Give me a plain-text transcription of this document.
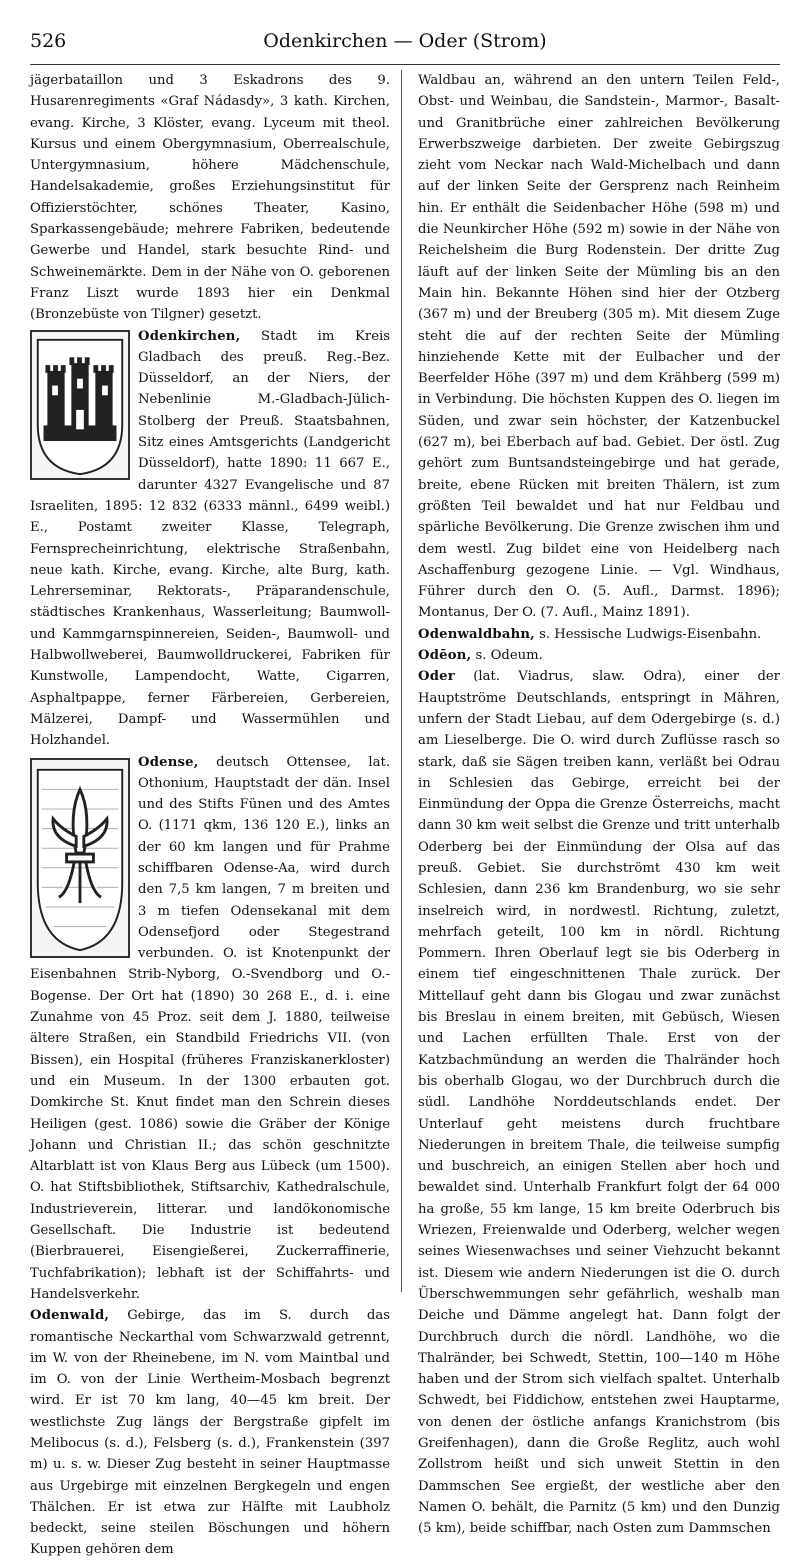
526	Odenkirchen — Oder (Strom)

jägerbataillon und 3 Eskadrons des 9. Husarenregiments «Graf Nádasdy», 3 kath. Kirchen, evang. Kirche, 3 Klöster, evang. Lyceum mit theol. Kursus und einem Obergymnasium, Oberrealschule, Untergymnasium, höhere Mädchenschule, Handelsakademie, großes Erziehungsinstitut für Offizierstöchter, schönes Theater, Kasino, Sparkassengebäude; mehrere Fabriken, bedeutende Gewerbe und Handel, stark besuchte Rind- und Schweinemärkte. Dem in der Nähe von O. geborenen Franz Liszt wurde 1893 hier ein Denkmal (Bronzebüste von Tilgner) gesetzt.

Odenkirchen,
Stadt im Kreis Gladbach des preuß. Reg.-Bez. Düsseldorf, an der Niers, der Nebenlinie M.-Gladbach-Jülich-Stolberg der Preuß. Staatsbahnen, Sitz eines Amtsgerichts (Landgericht Düsseldorf), hatte 1890: 11 667 E., darunter 4327 Evangelische und 87 Israeliten, 1895: 12 832 (6333 männl., 6499 weibl.) E., Postamt zweiter Klasse, Telegraph, Fernsprecheinrichtung, elektrische Straßenbahn, neue kath. Kirche, evang. Kirche, alte Burg, kath. Lehrerseminar, Rektorats-, Präparandenschule, städtisches Krankenhaus, Wasserleitung; Baumwoll- und Kammgarnspinnereien, Seiden-, Baumwoll- und Halbwollweberei, Baumwolldruckerei, Fabriken für Kunstwolle, Lampendocht, Watte, Cigarren, Asphaltpappe, ferner Färbereien, Gerbereien, Mälzerei, Dampf- und Wassermühlen und Holzhandel.

Odense,
deutsch Ottensee, lat. Othonium, Hauptstadt der dän. Insel und des Stifts Fünen und des Amtes O. (1171 qkm, 136 120 E.), links an der 60 km langen und für Prahme schiffbaren Odense-Aa, wird durch den 7,5 km langen, 7 m breiten und 3 m tiefen Odensekanal mit dem Odensefjord oder Stegestrand verbunden. O. ist Knotenpunkt der Eisenbahnen Strib-Nyborg, O.-Svendborg und O.-Bogense. Der Ort hat (1890) 30 268 E., d. i. eine Zunahme von 45 Proz. seit dem J. 1880, teilweise ältere Straßen, ein Standbild Friedrichs VII. (von Bissen), ein Hospital (früheres Franziskanerkloster) und ein Museum. In der 1300 erbauten got. Domkirche St. Knut findet man den Schrein dieses Heiligen (gest. 1086) sowie die Gräber der Könige Johann und Christian II.; das schön geschnitzte Altarblatt ist von Klaus Berg aus Lübeck (um 1500). O. hat Stiftsbibliothek, Stiftsarchiv, Kathedralschule, Industrieverein, litterar. und landökonomische Gesellschaft. Die Industrie ist bedeutend (Bierbrauerei, Eisengießerei, Zuckerraffinerie, Tuchfabrikation); lebhaft ist der Schiffahrts- und Handelsverkehr.

Odenwald, Gebirge, das im S. durch das romantische Neckarthal vom Schwarzwald getrennt, im W. von der Rheinebene, im N. vom Maintbal und im O. von der Linie Wertheim-Mosbach begrenzt wird. Er ist 70 km lang, 40—45 km breit. Der westlichste Zug längs der Bergstraße gipfelt im Melibocus (s. d.), Felsberg (s. d.), Frankenstein (397 m) u. s. w. Dieser Zug besteht in seiner Hauptmasse aus Urgebirge mit einzelnen Bergkegeln und engen Thälchen. Er ist etwa zur Hälfte mit Laubholz bedeckt, seine steilen Böschungen und höhern Kuppen gehören dem

Waldbau an, während an den untern Teilen Feld-, Obst- und Weinbau, die Sandstein-, Marmor-, Basalt- und Granitbrüche einer zahlreichen Bevölkerung Erwerbszweige darbieten. Der zweite Gebirgszug zieht vom Neckar nach Wald-Michelbach und dann auf der linken Seite der Gersprenz nach Reinheim hin. Er enthält die Seidenbacher Höhe (598 m) und die Neunkircher Höhe (592 m) sowie in der Nähe von Reichelsheim die Burg Rodenstein. Der dritte Zug läuft auf der linken Seite der Mümling bis an den Main hin. Bekannte Höhen sind hier der Otzberg (367 m) und der Breuberg (305 m). Mit diesem Zuge steht die auf der rechten Seite der Mümling hinziehende Kette mit der Eulbacher und der Beerfelder Höhe (397 m) und dem Krähberg (599 m) in Verbindung. Die höchsten Kuppen des O. liegen im Süden, und zwar sein höchster, der Katzenbuckel (627 m), bei Eberbach auf bad. Gebiet. Der östl. Zug gehört zum Buntsandsteingebirge und hat gerade, breite, ebene Rücken mit breiten Thälern, ist zum größten Teil bewaldet und hat nur Feldbau und spärliche Bevölkerung. Die Grenze zwischen ihm und dem westl. Zug bildet eine von Heidelberg nach Aschaffenburg gezogene Linie. — Vgl. Windhaus, Führer durch den O. (5. Aufl., Darmst. 1896); Montanus, Der O. (7. Aufl., Mainz 1891).

Odenwaldbahn, s. Hessische Ludwigs-Eisenbahn.

Odēon, s. Odeum.

Oder (lat. Viadrus, slaw. Odra), einer der Hauptströme Deutschlands, entspringt in Mähren, unfern der Stadt Liebau, auf dem Odergebirge (s. d.) am Lieselberge. Die O. wird durch Zuflüsse rasch so stark, daß sie Sägen treiben kann, verläßt bei Odrau in Schlesien das Gebirge, erreicht bei der Einmündung der Oppa die Grenze Österreichs, macht dann 30 km weit selbst die Grenze und tritt unterhalb Oderberg bei der Einmündung der Olsa auf das preuß. Gebiet. Sie durchströmt 430 km weit Schlesien, dann 236 km Brandenburg, wo sie sehr inselreich wird, in nordwestl. Richtung, zuletzt, mehrfach geteilt, 100 km in nördl. Richtung Pommern. Ihren Oberlauf legt sie bis Oderberg in einem tief eingeschnittenen Thale zurück. Der Mittellauf geht dann bis Glogau und zwar zunächst bis Breslau in einem breiten, mit Gebüsch, Wiesen und Lachen erfüllten Thale. Erst von der Katzbachmündung an werden die Thalränder hoch bis oberhalb Glogau, wo der Durchbruch durch die südl. Landhöhe Norddeutschlands endet. Der Unterlauf geht meistens durch fruchtbare Niederungen in breitem Thale, die teilweise sumpfig und buschreich, an einigen Stellen aber hoch und bewaldet sind. Unterhalb Frankfurt folgt der 64 000 ha große, 55 km lange, 15 km breite Oderbruch bis Wriezen, Freienwalde und Oderberg, welcher wegen seines Wiesenwachses und seiner Viehzucht bekannt ist. Diesem wie andern Niederungen ist die O. durch Überschwemmungen sehr gefährlich, weshalb man Deiche und Dämme angelegt hat. Dann folgt der Durchbruch durch die nördl. Landhöhe, wo die Thalränder, bei Schwedt, Stettin, 100—140 m Höhe haben und der Strom sich vielfach spaltet. Unterhalb Schwedt, bei Fiddichow, entstehen zwei Hauptarme, von denen der östliche anfangs Kranichstrom (bis Greifenhagen), dann die Große Reglitz, auch wohl Zollstrom heißt und sich unweit Stettin in den Dammschen See ergießt, der westliche aber den Namen O. behält, die Parnitz (5 km) und den Dunzig (5 km), beide schiffbar, nach Osten zum Dammschen
